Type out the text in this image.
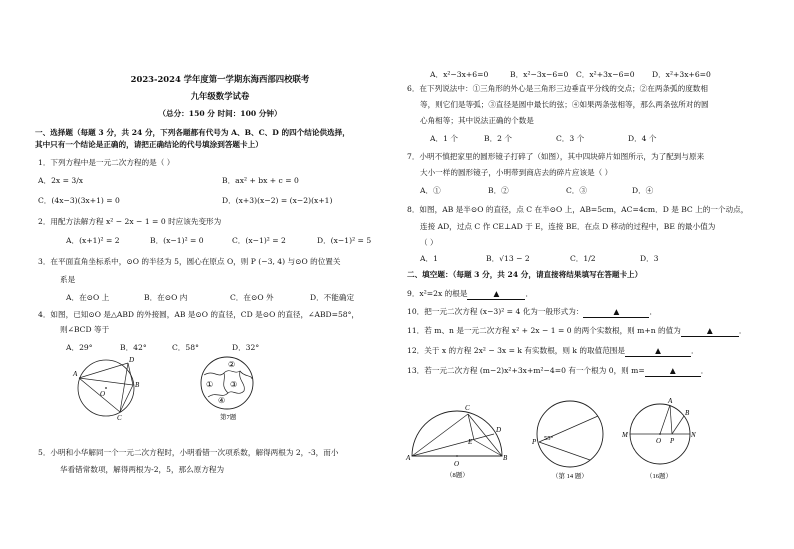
2023-2024 学年度第一学期东海西部四校联考
九年级数学试卷
（总分：150 分 时间：100 分钟）
一、选择题（每题 3 分，共 24 分，下列各题都有代号为 A、B、C、D 的四个结论供选择，
其中只有一个结论是正确的，请把正确结论的代号填涂到答题卡上）
1．下列方程中是一元二次方程的是（ ）
A．2x = 3/x	B．ax² + bx + c = 0
C．(4x−3)(3x+1) = 0	D．(x+3)(x−2) = (x−2)(x+1)
2．用配方法解方程 x² − 2x − 1 = 0 时应该先变形为
A．(x+1)² = 2	B．(x−1)² = 0	C．(x−1)² = 2	D．(x−1)² = 5
3．在平面直角坐标系中，⊙O 的半径为 5，圆心在原点 O，则 P (−3, 4) 与⊙O 的位置关
系是
A．在⊙O 上	B．在⊙O 内	C．在⊙O 外	D．不能确定
4．如图，已知⊙O 是△ABD 的外接圆，AB 是⊙O 的直径，CD 是⊙O 的直径，∠ABD=58°，
则∠BCD 等于
A．29°	B．42°	C．58°	D．32°
A
B
C
D
O
①
②
③
④
第7题
5．小明和小华解同一个一元二次方程时，小明看错一次项系数，解得两根为 2，-3，而小
华看错常数项，解得两根为-2，5，那么原方程为
A．x²−3x+6=0	B．x²−3x−6=0 C．x²+3x−6=0 D．x²+3x+6=0
6．在下列说法中：①三角形的外心是三角形三边垂直平分线的交点；②在两条弧的度数相
等，则它们是等弧；③直径是圆中最长的弦；④如果两条弦相等，那么两条弦所对的圆
心角相等；其中说法正确的个数是
A．1 个	B．2 个	C．3 个	D．4 个
7．小明不慎把家里的圆形镜子打碎了（如图），其中四块碎片如图所示，为了配到与原来
大小一样的圆形镜子，小明带到商店去的碎片应该是（ ）
A．①	B．②	C．③	D．④
8．如图，AB 是半⊙O 的直径，点 C 在半⊙O 上，AB=5cm，AC=4cm．D 是 BC 上的一个动点，
连接 AD，过点 C 作 CE⊥AD 于 E，连接 BE．在点 D 移动的过程中，BE 的最小值为
（ ）
A．1	B．√13 − 2	C．1/2	D．3
二、填空题：（每题 3 分，共 24 分，请直接将结果填写在答题卡上）
9．x²=2x 的根是	▲	．
10．把一元二次方程 (x−3)² = 4 化为一般形式为：	▲	．
11．若 m、n 是一元二次方程 x² + 2x − 1 = 0 的两个实数根，则 m+n 的值为	▲	．
12．关于 x 的方程 2x² − 3x = k 有实数根，则 k 的取值范围是	▲	．
13．若一元二次方程 (m−2)x²+3x+m²−4=0 有一个根为 0，则 m=	▲	．
A	B
C
D
E
O
（8题）
P 55°
（第 14 题）
M
A
B
O P
N
（16题）
